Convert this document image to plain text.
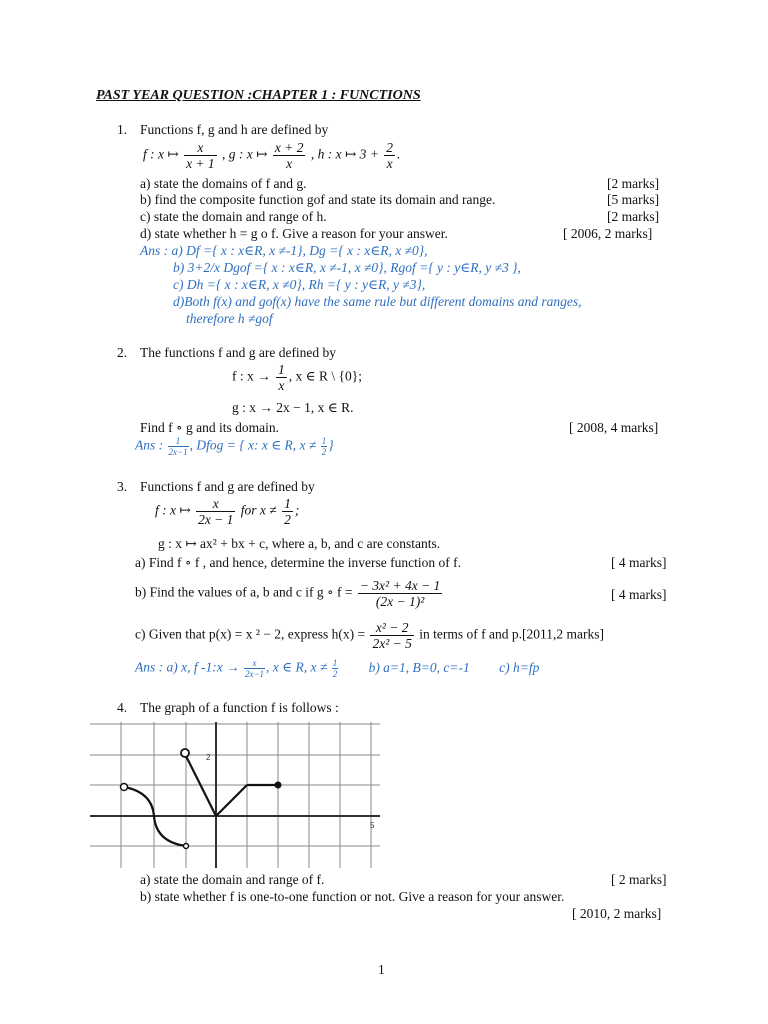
PAST YEAR QUESTION :CHAPTER 1 : FUNCTIONS
1. Functions f, g and h are defined by
f : x ↦ $\frac{x}{x + 1}$ , g : x ↦ $\frac{x + 2}{x}$ , h : x ↦ $3 + \frac{2}{x}$ .
a) state the domains of f and g.	[2 marks]
b) find the composite function gof and state its domain and range.	[5 marks]
c) state the domain and range of h.	[2 marks]
d) state whether h = g o f. Give a reason for your answer.	[ 2006, 2 marks]
Ans : a) Df ={ x : x∈R, x ≠-1}, Dg ={ x : x∈R, x ≠0},
b) 3+2/x Dgof ={ x : x∈R, x ≠-1, x ≠0}, Rgof ={ y : y∈R, y ≠3 },
c) Dh ={ x : x∈R, x ≠0}, Rh ={ y : y∈R, y ≠3},
d)Both f(x) and gof(x) have the same rule but different domains and ranges,
therefore h ≠gof
2. The functions f and g are defined by
f : $x \to \frac{1}{x}$ , x ∈ R \ {0};
g : x → 2x − 1, x ∈ R.
Find f ∘ g and its domain.	[ 2008, 4 marks]
Ans : $\frac{1}{2x-1}$ , Dfog = { x: x ∈ R, $x \ne \frac{1}{2}$ }
3. Functions f and g are defined by
f : x ↦ $\frac{x}{2x - 1}$ for $x \ne \frac{1}{2}$ ;
g : x ↦ ax² + bx + c, where a, b, and c are constants.
a) Find f ∘ f , and hence, determine the inverse function of f.	[ 4 marks]
b) Find the values of a, b and c if g ∘ $f = \frac{\text{− 3x² + 4x − 1}}{\text{(2x − 1)²}}$	[ 4 marks]
c) Given that p(x) = x ² − 2, express $h(x) = \frac{\text{x² − 2}}{\text{2x² − 5}}$ in terms of f and p.[2011,2 marks]
Ans : a) x, f -1:x → $\frac{x}{2x-1}$ , x ∈ R, $x \ne \frac{1}{2} b$) a=1, B=0, c=-1 c) h=fp
4. The graph of a function f is follows :
2
5
a) state the domain and range of f.	[ 2 marks]
b) state whether f is one-to-one function or not. Give a reason for your answer.
[ 2010, 2 marks]
1
